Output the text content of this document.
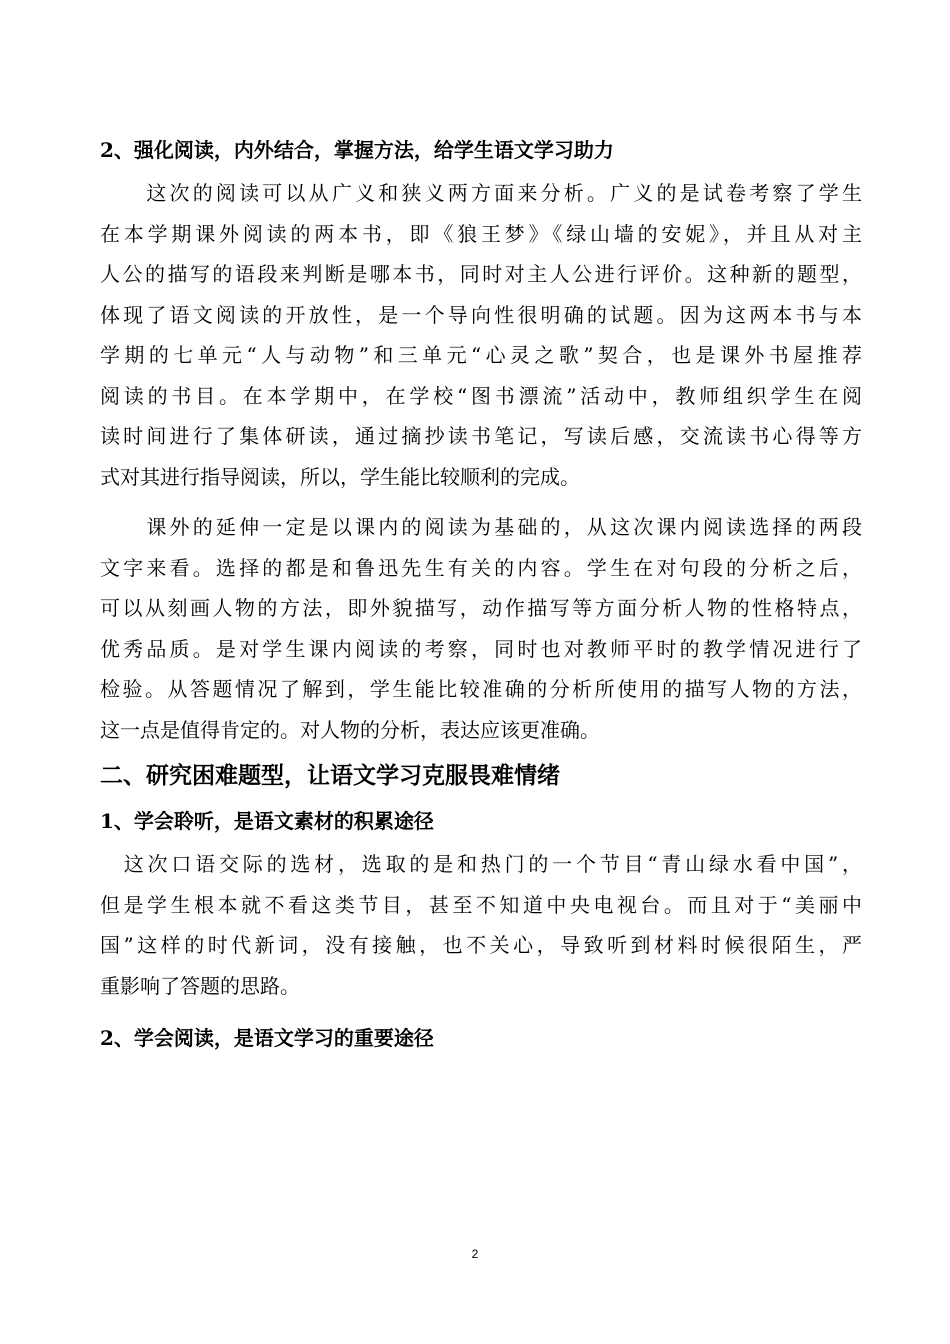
2、强化阅读，内外结合，掌握方法，给学生语文学习助力

　　这次的阅读可以从广义和狭义两方面来分析。广义的是试卷考察了学生
在本学期课外阅读的两本书，即《狼王梦》《绿山墙的安妮》，并且从对主
人公的描写的语段来判断是哪本书，同时对主人公进行评价。这种新的题型，
体现了语文阅读的开放性，是一个导向性很明确的试题。因为这两本书与本
学期的七单元“人与动物”和三单元“心灵之歌”契合，也是课外书屋推荐
阅读的书目。在本学期中，在学校“图书漂流”活动中，教师组织学生在阅
读时间进行了集体研读，通过摘抄读书笔记，写读后感，交流读书心得等方
式对其进行指导阅读，所以，学生能比较顺利的完成。
　　课外的延伸一定是以课内的阅读为基础的，从这次课内阅读选择的两段
文字来看。选择的都是和鲁迅先生有关的内容。学生在对句段的分析之后，
可以从刻画人物的方法，即外貌描写，动作描写等方面分析人物的性格特点，
优秀品质。是对学生课内阅读的考察，同时也对教师平时的教学情况进行了
检验。从答题情况了解到，学生能比较准确的分析所使用的描写人物的方法，
这一点是值得肯定的。对人物的分析，表达应该更准确。

二、研究困难题型，让语文学习克服畏难情绪

1、学会聆听，是语文素材的积累途径

　这次口语交际的选材，选取的是和热门的一个节目“青山绿水看中国”，
但是学生根本就不看这类节目，甚至不知道中央电视台。而且对于“美丽中
国”这样的时代新词，没有接触，也不关心，导致听到材料时候很陌生，严
重影响了答题的思路。

2、学会阅读，是语文学习的重要途径

2
